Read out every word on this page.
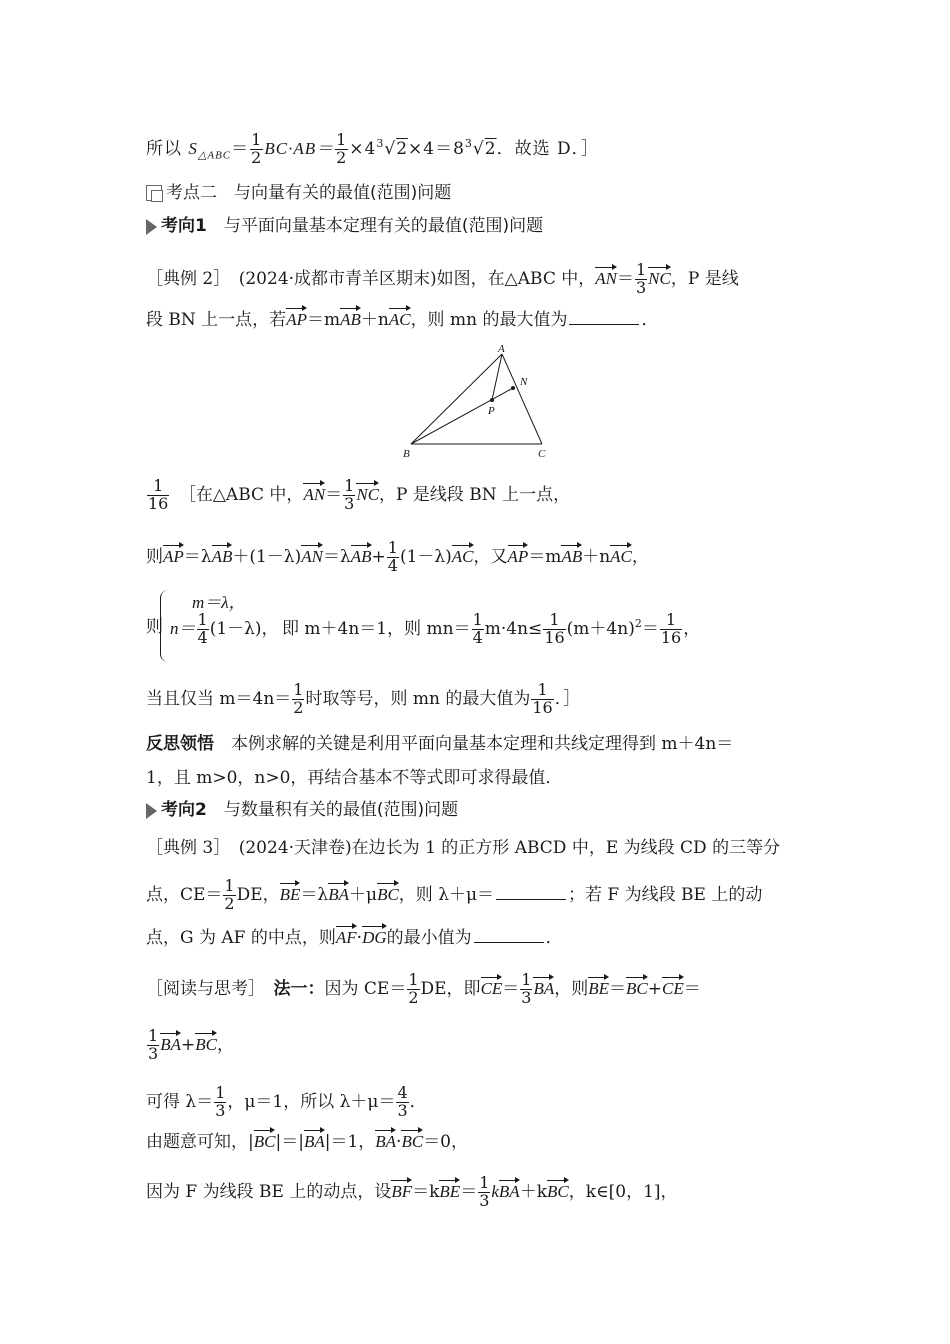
所以 $S_{\triangle ABC}= \frac{1}{2} BC\cdot AB= \frac{1}{2} \times 4^3√2\times 4=8^3√2$．故选 D．］
考点二　与向量有关的最值(范围)问题
考向1　 与平面向量基本定理有关的最值(范围)问题
［典例 2］　 (2024·成都市青羊区期末)如图，在△ABC 中，$AN= \frac{1}{3}$ NC，P 是线
段 BN 上一点，若AP＝mAB＋nAC，则 mn 的最大值为	．
A
B	C
N
P
$\frac{1}{16}$
　 ［在△ABC 中，$AN= \frac{1}{3}$ NC，P 是线段 BN 上一点，
则$AP=\lambda AB+(1-\lambda)AN=\lambda AB+ \frac{1}{4} (1-\lambda)AC$，又AP＝mAB＋nAC，
则
m＝λ，
$n= \frac{1}{4} (1-\lambda)$， 即 m＋4n＝1，则 $mn= \frac{1}{4} m\cdot 4n\le \frac{1}{16} (m+4n)^2= \frac{1}{16}$ ，
当且仅当 $m=4n= \frac{1}{2}$ 时取等号，则 mn 的最大值为 $\frac{1}{16}$ ．］
反思领悟　本例求解的关键是利用平面向量基本定理和共线定理得到 m＋4n＝
1，且 m>0，n>0，再结合基本不等式即可求得最值．
考向2　 与数量积有关的最值(范围)问题
［典例 3］　 (2024·天津卷)在边长为 1 的正方形 ABCD 中，E 为线段 CD 的三等分
点，$CE= \frac{1}{2}$ DE，BE＝λBA＋μBC，则 λ＋μ＝	；若 F 为线段 BE 上的动
点，G 为 AF 的中点，则AF·DG的最小值为	．
［阅读与思考］　 法一：因为 $CE= \frac{1}{2}$ DE，即$CE= \frac{1}{3}$ BA，则BE＝BC+CE＝
$\frac{1}{3} BA+BC$，
可得 $\lambda= \frac{1}{3}$ ，μ＝1，所以 $\lambda+\mu= \frac{4}{3}$ ．
由题意可知，|BC|＝|BA|＝1，BA·BC＝0，
因为 F 为线段 BE 上的动点，设$BF=kBE= \frac{1}{3} kBA+kBC$，k∈[0，1]，
